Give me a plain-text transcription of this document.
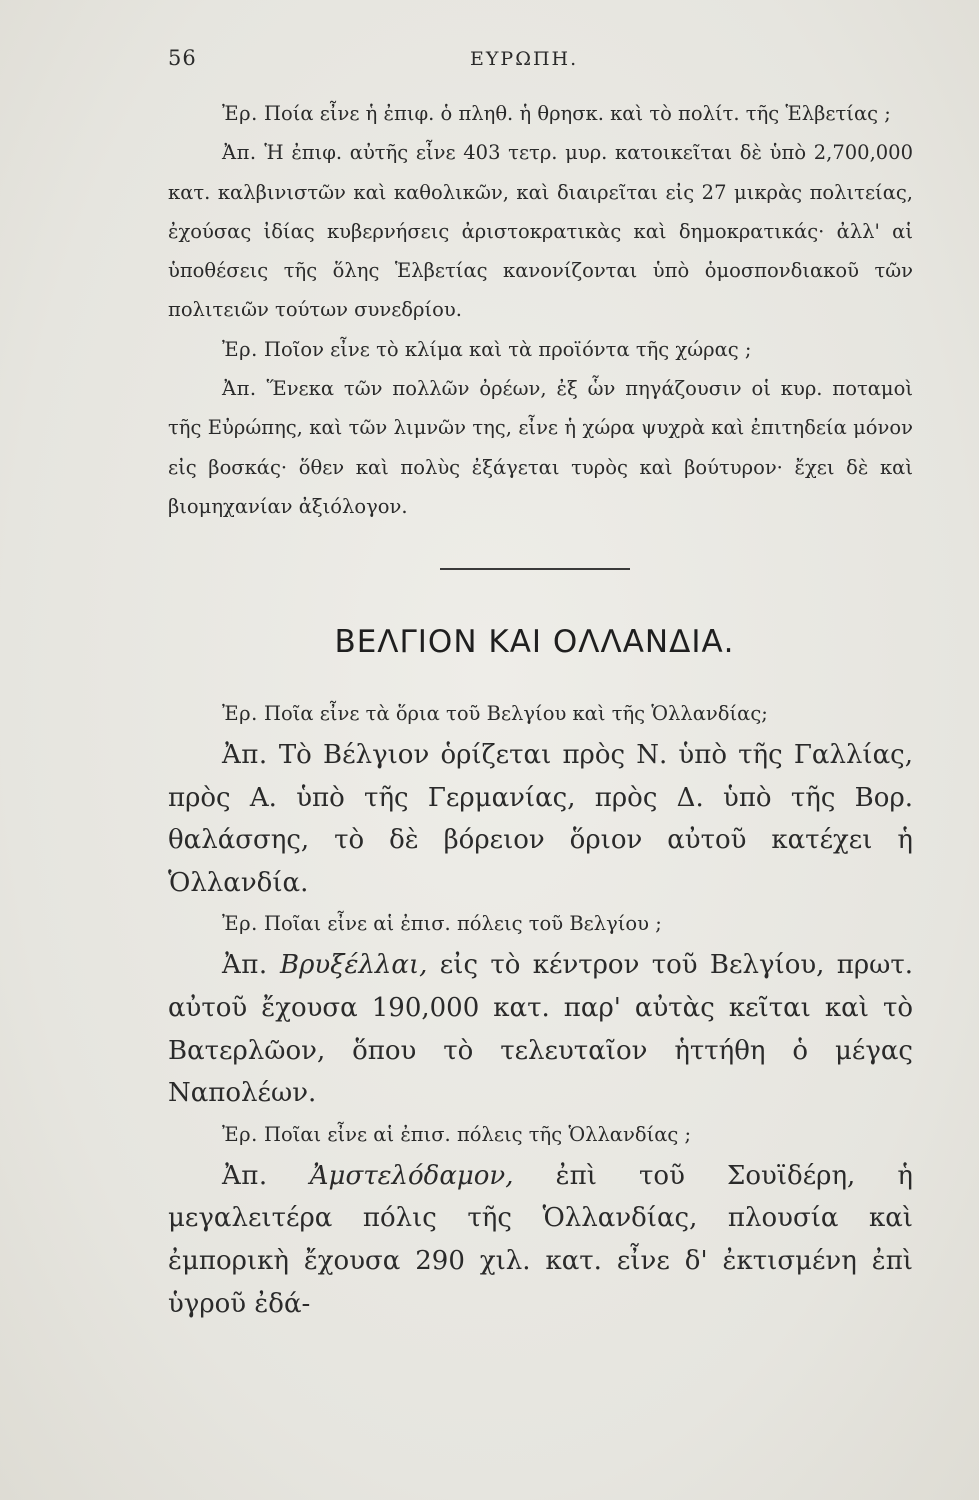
56	ΕΥΡΩΠΗ.

Ἐρ. Ποία εἶνε ἡ ἐπιφ. ὁ πληθ. ἡ θρησκ. καὶ τὸ πολίτ. τῆς Ἑλβετίας ;

Ἀπ. Ἡ ἐπιφ. αὐτῆς εἶνε 403 τετρ. μυρ. κατοικεῖται δὲ ὑπὸ 2,700,000 κατ. καλβινιστῶν καὶ καθολικῶν, καὶ διαιρεῖται εἰς 27 μικρὰς πολιτείας, ἐχούσας ἰδίας κυβερνήσεις ἀριστοκρατικὰς καὶ δημοκρατικάς· ἀλλ' αἱ ὑποθέσεις τῆς ὅλης Ἑλβετίας κανονίζονται ὑπὸ ὁμοσπονδιακοῦ τῶν πολιτειῶν τούτων συνεδρίου.

Ἐρ. Ποῖον εἶνε τὸ κλίμα καὶ τὰ προϊόντα τῆς χώρας ;

Ἀπ. Ἕνεκα τῶν πολλῶν ὀρέων, ἐξ ὧν πηγάζουσιν οἱ κυρ. ποταμοὶ τῆς Εὐρώπης, καὶ τῶν λιμνῶν της, εἶνε ἡ χώρα ψυχρὰ καὶ ἐπιτηδεία μόνον εἰς βοσκάς· ὅθεν καὶ πολὺς ἐξάγεται τυρὸς καὶ βούτυρον· ἔχει δὲ καὶ βιομηχανίαν ἀξιόλογον.

ΒΕΛΓΙΟΝ ΚΑΙ ΟΛΛΑΝΔΙΑ.

Ἐρ. Ποῖα εἶνε τὰ ὅρια τοῦ Βελγίου καὶ τῆς Ὁλλανδίας;

Ἀπ. Τὸ Βέλγιον ὁρίζεται πρὸς Ν. ὑπὸ τῆς Γαλλίας, πρὸς Α. ὑπὸ τῆς Γερμανίας, πρὸς Δ. ὑπὸ τῆς Βορ. θαλάσσης, τὸ δὲ βόρειον ὅριον αὐτοῦ κατέχει ἡ Ὁλλανδία.

Ἐρ. Ποῖαι εἶνε αἱ ἐπισ. πόλεις τοῦ Βελγίου ;

Ἀπ. Βρυξέλλαι, εἰς τὸ κέντρον τοῦ Βελγίου, πρωτ. αὐτοῦ ἔχουσα 190,000 κατ. παρ' αὐτὰς κεῖται καὶ τὸ Βατερλῶον, ὅπου τὸ τελευταῖον ἡττήθη ὁ μέγας Ναπολέων.

Ἐρ. Ποῖαι εἶνε αἱ ἐπισ. πόλεις τῆς Ὁλλανδίας ;

Ἀπ. Ἀμστελόδαμον, ἐπὶ τοῦ Σουϊδέρη, ἡ μεγαλειτέρα πόλις τῆς Ὁλλανδίας, πλουσία καὶ ἐμπορικὴ ἔχουσα 290 χιλ. κατ. εἶνε δ' ἐκτισμένη ἐπὶ ὑγροῦ ἐδά-
